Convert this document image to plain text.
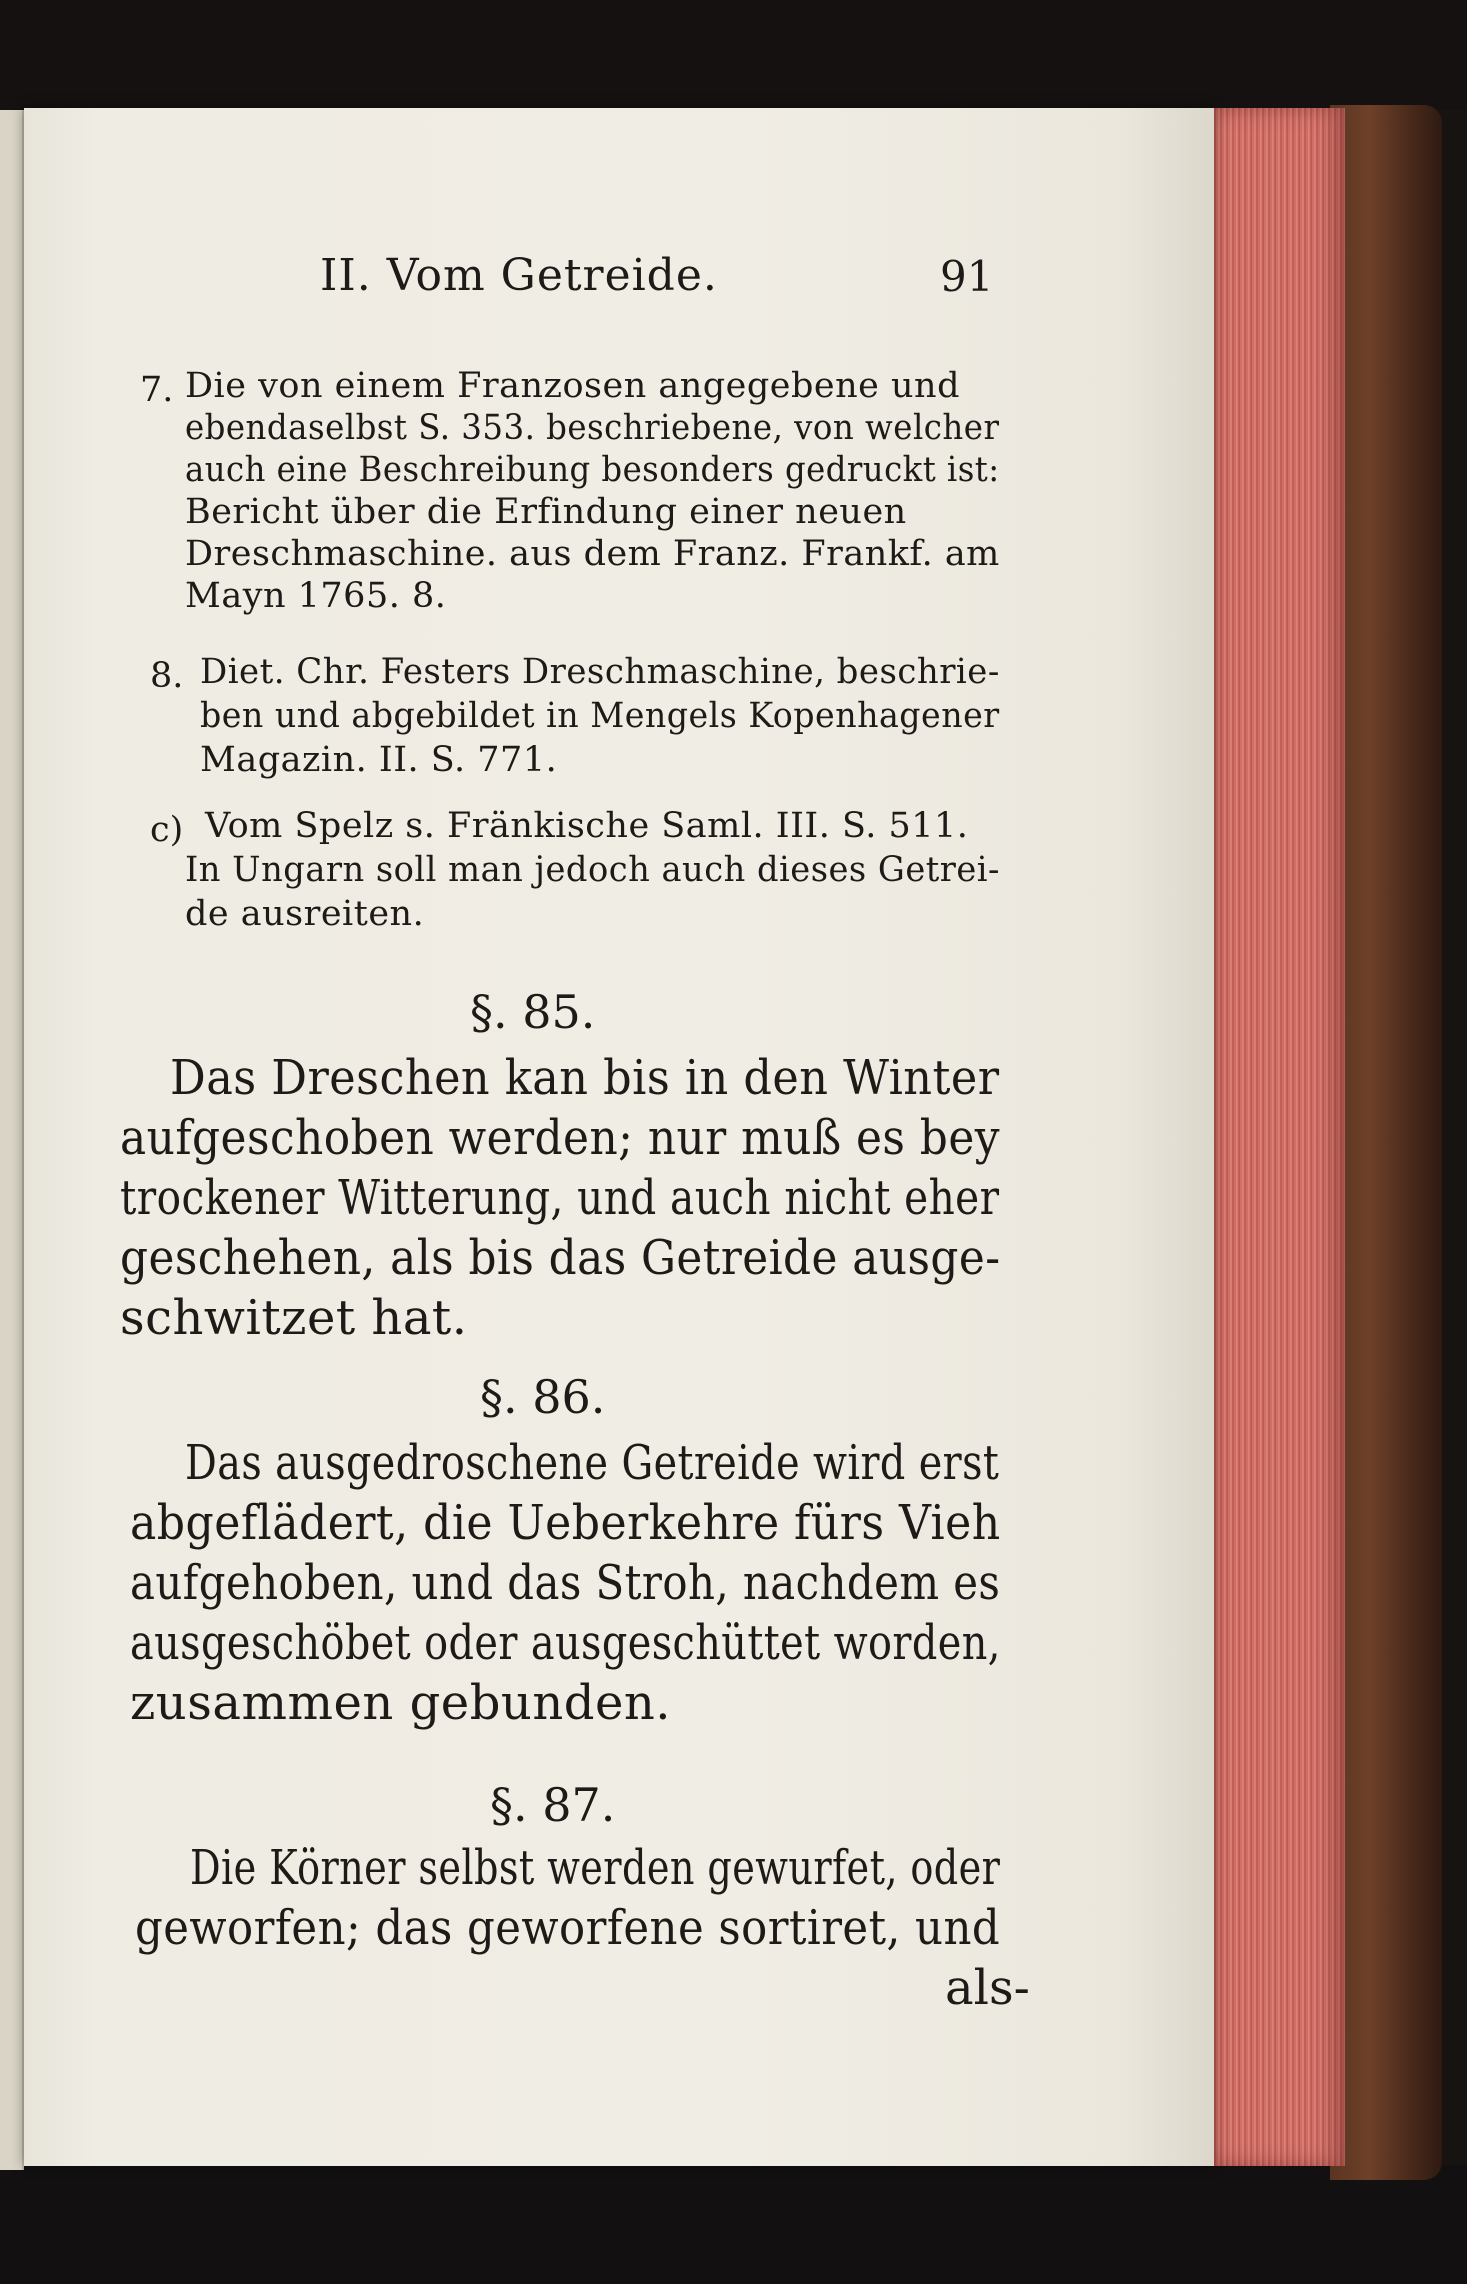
II. Vom Getreide.	91
7. Die von einem Franzosen angegebene und
ebendaselbst S. 353. beschriebene, von welcher
auch eine Beschreibung besonders gedruckt ist:
Bericht über die Erfindung einer neuen
Dreschmaschine. aus dem Franz. Frankf. am
Mayn 1765. 8.
8. Diet. Chr. Festers Dreschmaschine, beschrie-
ben und abgebildet in Mengels Kopenhagener
Magazin. II. S. 771.
c) Vom Spelz s. Fränkische Saml. III. S. 511.
In Ungarn soll man jedoch auch dieses Getrei-
de ausreiten.
§. 85.
Das Dreschen kan bis in den Winter
aufgeschoben werden; nur muß es bey
trockener Witterung, und auch nicht eher
geschehen, als bis das Getreide ausge-
schwitzet hat.
§. 86.
Das ausgedroschene Getreide wird erst
abgeflädert, die Ueberkehre fürs Vieh
aufgehoben, und das Stroh, nachdem es
ausgeschöbet oder ausgeschüttet worden,
zusammen gebunden.
§. 87.
Die Körner selbst werden gewurfet, oder
geworfen; das geworfene sortiret, und
als-
